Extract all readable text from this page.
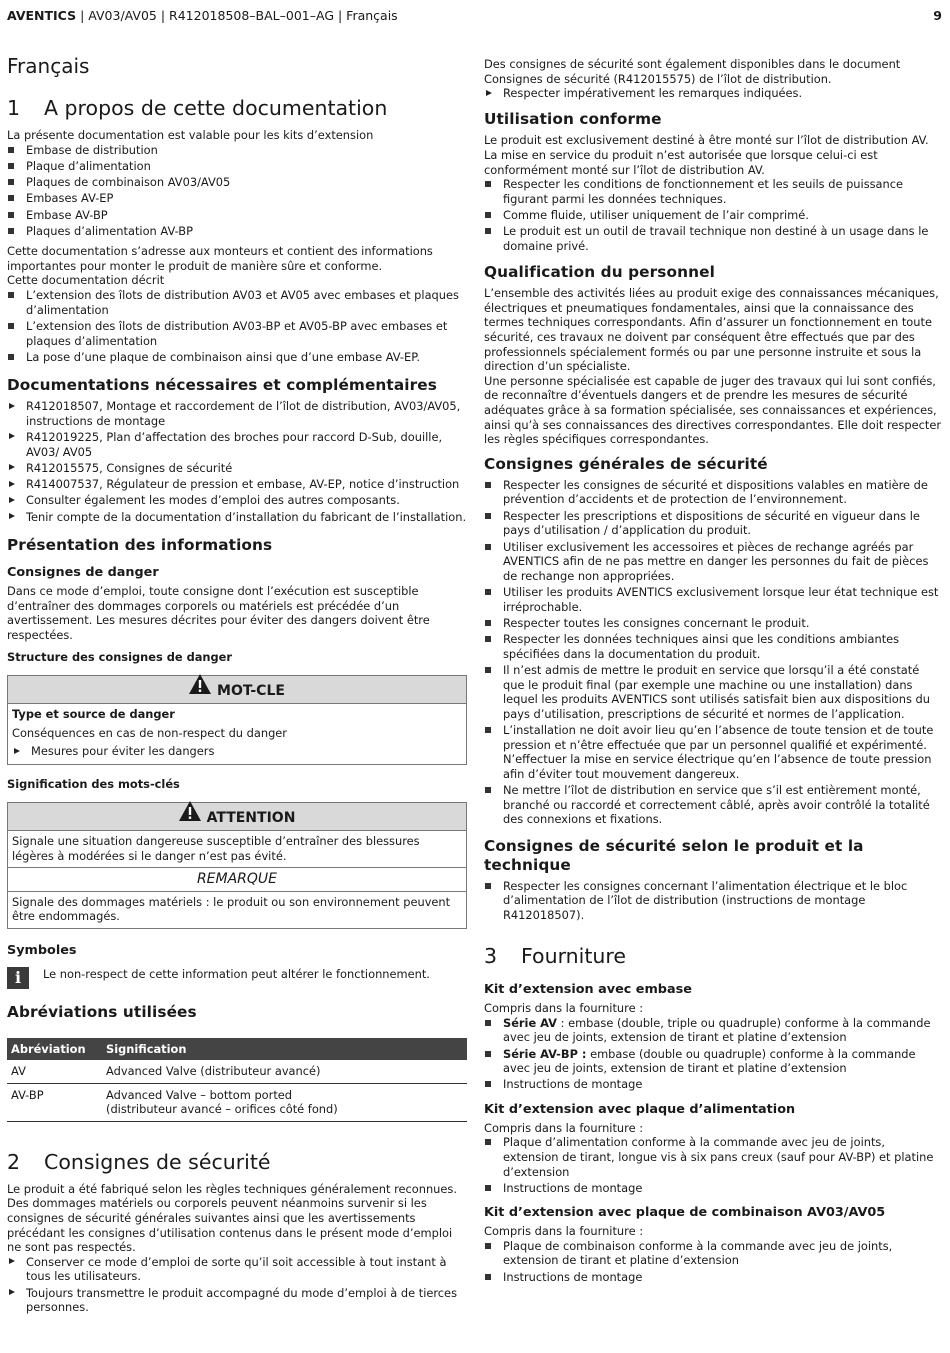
AVENTICS | AV03/AV05 | R412018508–BAL–001–AG | Français	9
Français
1 A propos de cette documentation

La présente documentation est valable pour les kits d’extension

Embase de distribution
Plaque d’alimentation
Plaques de combinaison AV03/AV05
Embases AV-EP
Embase AV-BP
Plaques d’alimentation AV-BP

Cette documentation s’adresse aux monteurs et contient des informations importantes pour monter le produit de manière sûre et conforme.

Cette documentation décrit

L’extension des îlots de distribution AV03 et AV05 avec embases et plaques d’alimentation
L’extension des îlots de distribution AV03-BP et AV05-BP avec embases et plaques d’alimentation
La pose d’une plaque de combinaison ainsi que d’une embase AV-EP.
Documentations nécessaires et complémentaires
R412018507, Montage et raccordement de l’îlot de distribution, AV03/AV05, instructions de montage
R412019225, Plan d’affectation des broches pour raccord D-Sub, douille, AV03/ AV05
R412015575, Consignes de sécurité
R414007537, Régulateur de pression et embase, AV-EP, notice d’instruction
Consulter également les modes d’emploi des autres composants.
Tenir compte de la documentation d’installation du fabricant de l’installation.
Présentation des informations
Consignes de danger

Dans ce mode d’emploi, toute consigne dont l’exécution est susceptible d’entraîner des dommages corporels ou matériels est précédée d’un avertissement. Les mesures décrites pour éviter des dangers doivent être respectées.

Structure des consignes de danger
MOT-CLE
Type et source de danger
Conséquences en cas de non-respect du danger
Mesures pour éviter les dangers
Signification des mots-clés
ATTENTION
Signale une situation dangereuse susceptible d’entraîner des blessures légères à modérées si le danger n’est pas évité.
REMARQUE
Signale des dommages matériels : le produit ou son environnement peuvent être endommagés.
Symboles
i	Le non-respect de cette information peut altérer le fonctionnement.

Abréviations utilisées
Abréviation	Signification
AV	Advanced Valve (distributeur avancé)
AV-BP	Advanced Valve – bottom ported
(distributeur avancé – orifices côté fond)
2 Consignes de sécurité

Le produit a été fabriqué selon les règles techniques généralement reconnues. Des dommages matériels ou corporels peuvent néanmoins survenir si les consignes de sécurité générales suivantes ainsi que les avertissements précédant les consignes d’utilisation contenus dans le présent mode d’emploi ne sont pas respectés.

Conserver ce mode d’emploi de sorte qu’il soit accessible à tout instant à tous les utilisateurs.
Toujours transmettre le produit accompagné du mode d’emploi à de tierces personnes.

Des consignes de sécurité sont également disponibles dans le document Consignes de sécurité (R412015575) de l’îlot de distribution.

Respecter impérativement les remarques indiquées.
Utilisation conforme

Le produit est exclusivement destiné à être monté sur l’îlot de distribution AV.

La mise en service du produit n’est autorisée que lorsque celui-ci est conformément monté sur l’îlot de distribution AV.

Respecter les conditions de fonctionnement et les seuils de puissance figurant parmi les données techniques.
Comme fluide, utiliser uniquement de l’air comprimé.
Le produit est un outil de travail technique non destiné à un usage dans le domaine privé.
Qualification du personnel

L’ensemble des activités liées au produit exige des connaissances mécaniques, électriques et pneumatiques fondamentales, ainsi que la connaissance des termes techniques correspondants. Afin d’assurer un fonctionnement en toute sécurité, ces travaux ne doivent par conséquent être effectués que par des professionnels spécialement formés ou par une personne instruite et sous la direction d’un spécialiste.

Une personne spécialisée est capable de juger des travaux qui lui sont confiés, de reconnaître d’éventuels dangers et de prendre les mesures de sécurité adéquates grâce à sa formation spécialisée, ses connaissances et expériences, ainsi qu’à ses connaissances des directives correspondantes. Elle doit respecter les règles spécifiques correspondantes.

Consignes générales de sécurité
Respecter les consignes de sécurité et dispositions valables en matière de prévention d’accidents et de protection de l’environnement.
Respecter les prescriptions et dispositions de sécurité en vigueur dans le pays d’utilisation / d’application du produit.
Utiliser exclusivement les accessoires et pièces de rechange agréés par AVENTICS afin de ne pas mettre en danger les personnes du fait de pièces de rechange non appropriées.
Utiliser les produits AVENTICS exclusivement lorsque leur état technique est irréprochable.
Respecter toutes les consignes concernant le produit.
Respecter les données techniques ainsi que les conditions ambiantes spécifiées dans la documentation du produit.
Il n’est admis de mettre le produit en service que lorsqu’il a été constaté que le produit final (par exemple une machine ou une installation) dans lequel les produits AVENTICS sont utilisés satisfait bien aux dispositions du pays d’utilisation, prescriptions de sécurité et normes de l’application.
L’installation ne doit avoir lieu qu’en l’absence de toute tension et de toute pression et n’être effectuée que par un personnel qualifié et expérimenté. N’effectuer la mise en service électrique qu’en l’absence de toute pression afin d’éviter tout mouvement dangereux.
Ne mettre l’îlot de distribution en service que s’il est entièrement monté, branché ou raccordé et correctement câblé, après avoir contrôlé la totalité des connexions et fixations.
Consignes de sécurité selon le produit et la technique
Respecter les consignes concernant l’alimentation électrique et le bloc d’alimentation de l’îlot de distribution (instructions de montage R412018507).
3 Fourniture
Kit d’extension avec embase

Compris dans la fourniture :

Série AV : embase (double, triple ou quadruple) conforme à la commande avec jeu de joints, extension de tirant et platine d’extension
Série AV-BP : embase (double ou quadruple) conforme à la commande avec jeu de joints, extension de tirant et platine d’extension
Instructions de montage
Kit d’extension avec plaque d’alimentation

Compris dans la fourniture :

Plaque d’alimentation conforme à la commande avec jeu de joints, extension de tirant, longue vis à six pans creux (sauf pour AV-BP) et platine d’extension
Instructions de montage
Kit d’extension avec plaque de combinaison AV03/AV05

Compris dans la fourniture :

Plaque de combinaison conforme à la commande avec jeu de joints, extension de tirant et platine d’extension
Instructions de montage
